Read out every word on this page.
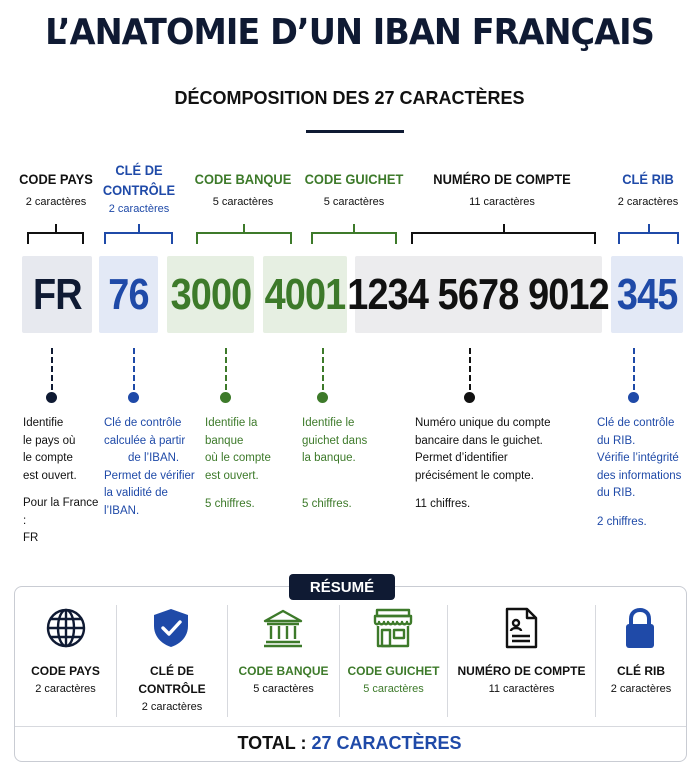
L’ANATOMIE D’UN IBAN FRANÇAIS
DÉCOMPOSITION DES 27 CARACTÈRES
CODE PAYS
2 caractères
CLÉ DE
CONTRÔLE
2 caractères
CODE BANQUE
5 caractères
CODE GUICHET
5 caractères
NUMÉRO DE COMPTE
11 caractères
CLÉ RIB
2 caractères
FR 76 3000 4001 1234 5678 9012 345

Identifie

le pays où

le compte

est ouvert.

Pour la France :

FR

Clé de contrôle

calculée à partir

de l’IBAN.

Permet de vérifier

la validité de

l’IBAN.

Identifie la

banque

où le compte

est ouvert.

5 chiffres.

Identifie le

guichet dans

la banque.

5 chiffres.

Numéro unique du compte

bancaire dans le guichet.

Permet d’identifier

précisément le compte.

11 chiffres.

Clé de contrôle

du RIB.

Vérifie l’intégrité

des informations

du RIB.

2 chiffres.

RÉSUMÉ
CODE PAYS
2 caractères
CLÉ DE
CONTRÔLE
2 caractères
CODE BANQUE
5 caractères
CODE GUICHET
5 caractères
NUMÉRO DE COMPTE
11 caractères
CLÉ RIB
2 caractères
TOTAL : 27 CARACTÈRES
